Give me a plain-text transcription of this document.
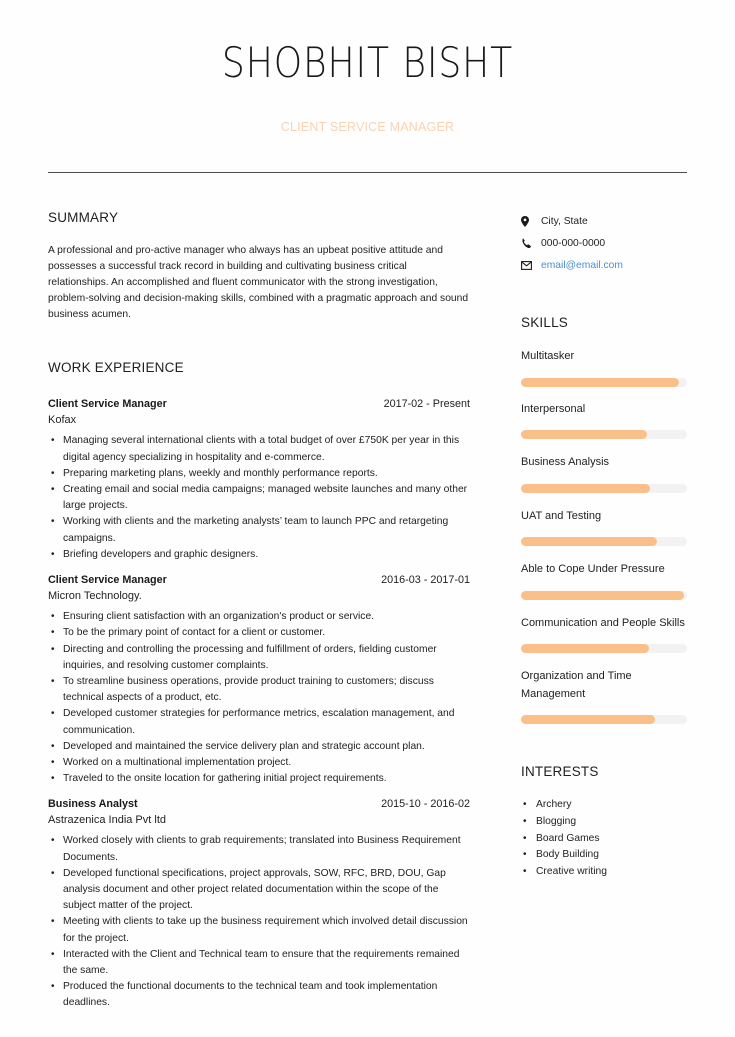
SHOBHIT BISHT
CLIENT SERVICE MANAGER
SUMMARY

A professional and pro-active manager who always has an upbeat positive attitude and possesses a successful track record in building and cultivating business critical relationships. An accomplished and fluent communicator with the strong investigation, problem-solving and decision-making skills, combined with a pragmatic approach and sound business acumen.

WORK EXPERIENCE
Client Service Manager	2017-02 - Present
Kofax
• Managing several international clients with a total budget of over £750K per year in this digital agency specializing in hospitality and e-commerce.
• Preparing marketing plans, weekly and monthly performance reports.
• Creating email and social media campaigns; managed website launches and many other large projects.
• Working with clients and the marketing analysts’ team to launch PPC and retargeting campaigns.
• Briefing developers and graphic designers.
Client Service Manager	2016-03 - 2017-01
Micron Technology.
• Ensuring client satisfaction with an organization's product or service.
• To be the primary point of contact for a client or customer.
• Directing and controlling the processing and fulfillment of orders, fielding customer inquiries, and resolving customer complaints.
• To streamline business operations, provide product training to customers; discuss technical aspects of a product, etc.
• Developed customer strategies for performance metrics, escalation management, and communication.
• Developed and maintained the service delivery plan and strategic account plan.
• Worked on a multinational implementation project.
• Traveled to the onsite location for gathering initial project requirements.
Business Analyst	2015-10 - 2016-02
Astrazenica India Pvt ltd
• Worked closely with clients to grab requirements; translated into Business Requirement Documents.
• Developed functional specifications, project approvals, SOW, RFC, BRD, DOU, Gap analysis document and other project related documentation within the scope of the subject matter of the project.
• Meeting with clients to take up the business requirement which involved detail discussion for the project.
• Interacted with the Client and Technical team to ensure that the requirements remained the same.
• Produced the functional documents to the technical team and took implementation deadlines.
City, State
000-000-0000
email@email.com
SKILLS
Multitasker
Interpersonal
Business Analysis
UAT and Testing
Able to Cope Under Pressure
Communication and People Skills
Organization and Time Management
INTERESTS
• Archery
• Blogging
• Board Games
• Body Building
• Creative writing
